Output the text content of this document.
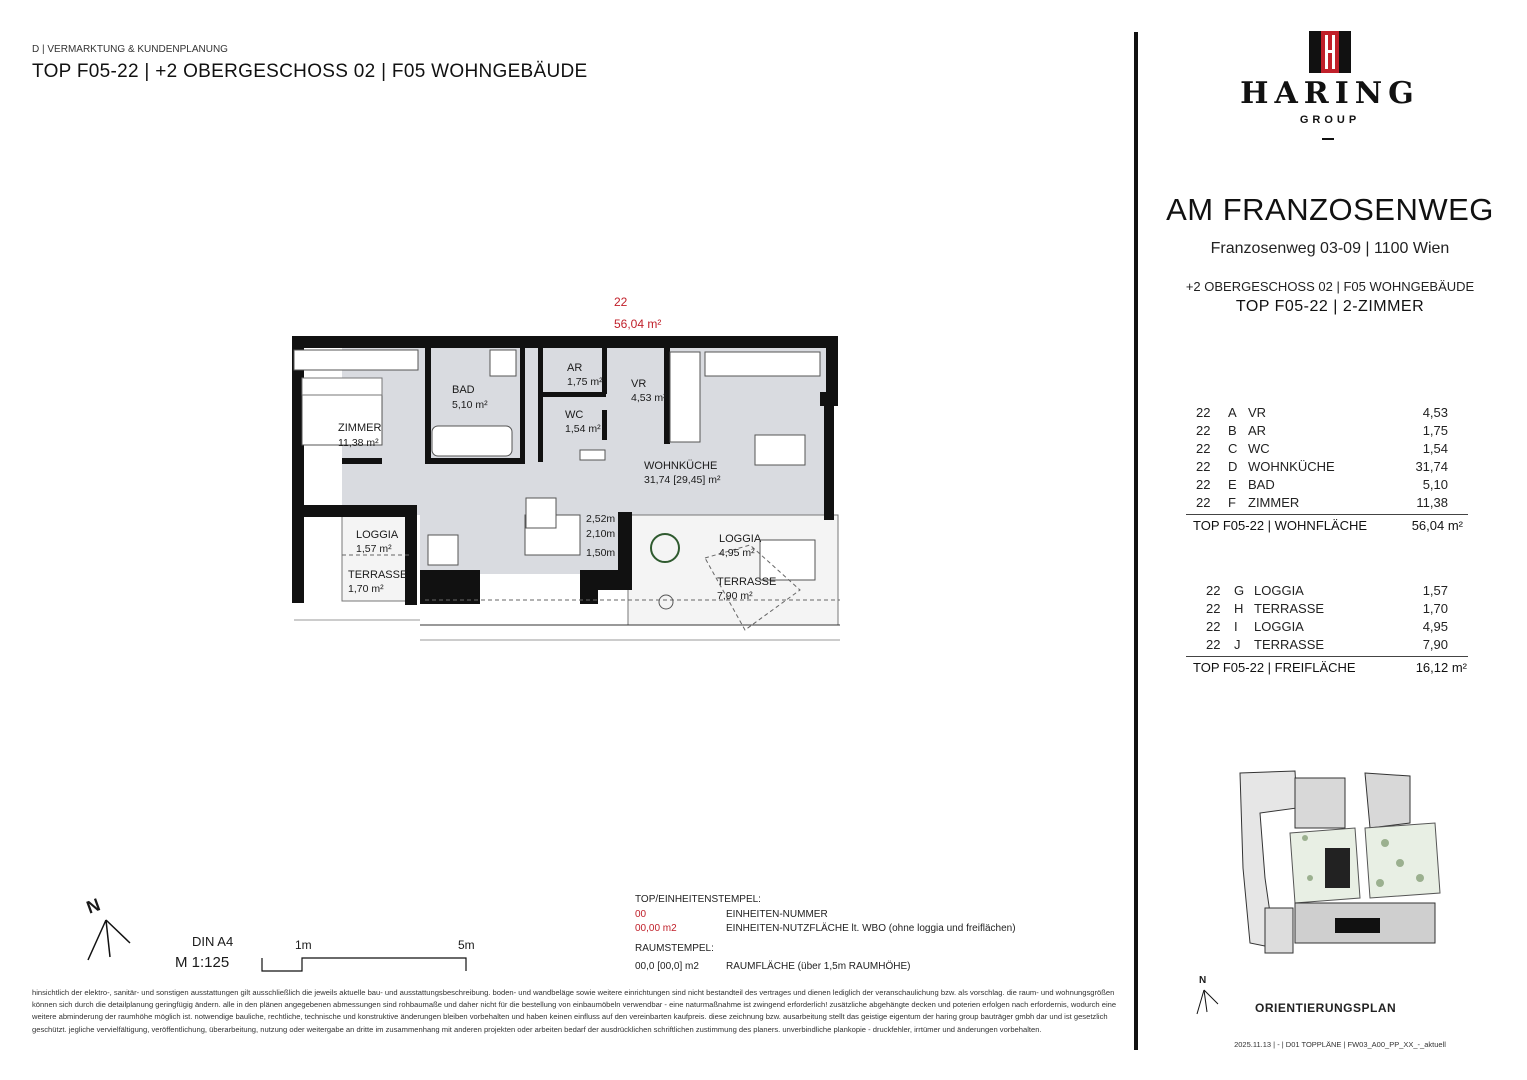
D | VERMARKTUNG & KUNDENPLANUNG
TOP F05-22 | +2 OBERGESCHOSS 02 | F05 WOHNGEBÄUDE
HARING
GROUP
AM FRANZOSENWEG
Franzosenweg 03-09 | 1100 Wien
+2 OBERGESCHOSS 02 | F05 WOHNGEBÄUDE
TOP F05-22 | 2-ZIMMER
22	A	VR	4,53
22	B	AR	1,75
22	C	WC	1,54
22	D	WOHNKÜCHE	31,74
22	E	BAD	5,10
22	F	ZIMMER	11,38
TOP F05-22 | WOHNFLÄCHE	56,04 m²
22	G	LOGGIA	1,57
22	H	TERRASSE	1,70
22	I	LOGGIA	4,95
22	J	TERRASSE	7,90
TOP F05-22 | FREIFLÄCHE	16,12 m²
22
56,04 m²
ZIMMER
11,38 m²
BAD
5,10 m²
AR
1,75 m²	VR
4,53 m²
WC
1,54 m²
WOHNKÜCHE
31,74 [29,45] m²
LOGGIA
1,57 m²
TERRASSE
1,70 m²
LOGGIA
4,95 m²
TERRASSE
7,90 m²
2,52m
2,10m
1,50m
N
DIN A4
M 1:125
1m	5m
TOP/EINHEITENSTEMPEL:
00	EINHEITEN-NUMMER
00,00 m2	EINHEITEN-NUTZFLÄCHE lt. WBO (ohne loggia und freiflächen)
RAUMSTEMPEL:
00,0 [00,0] m2	RAUMFLÄCHE (über 1,5m RAUMHÖHE)
hinsichtlich der elektro-, sanitär- und sonstigen ausstattungen gilt ausschließlich die jeweils aktuelle bau- und ausstattungsbeschreibung. boden- und wandbeläge sowie weitere einrichtungen sind nicht bestandteil des vertrages und dienen lediglich der veranschaulichung bzw. als vorschlag. die raum- und wohnungsgrößen können sich durch die detailplanung geringfügig ändern. alle in den plänen angegebenen abmessungen sind rohbaumaße und daher nicht für die bestellung von einbaumöbeln verwendbar - eine naturmaßnahme ist zwingend erforderlich! zusätzliche abgehängte decken und poterien erfolgen nach erfordernis, wodurch eine weitere abminderung der raumhöhe möglich ist. notwendige bauliche, rechtliche, technische und konstruktive änderungen bleiben vorbehalten und haben keinen einfluss auf den vereinbarten kaufpreis. diese zeichnung bzw. ausarbeitung stellt das geistige eigentum der haring group bauträger gmbh dar und ist gesetzlich geschützt. jegliche vervielfältigung, veröffentlichung, überarbeitung, nutzung oder weitergabe an dritte im zusammenhang mit anderen projekten oder arbeiten bedarf der ausdrücklichen schriftlichen zustimmung des planers. unverbindliche plankopie - druckfehler, irrtümer und änderungen vorbehalten.
N
ORIENTIERUNGSPLAN
2025.11.13 | - | D01 TOPPLÄNE | FW03_A00_PP_XX_-_aktuell
